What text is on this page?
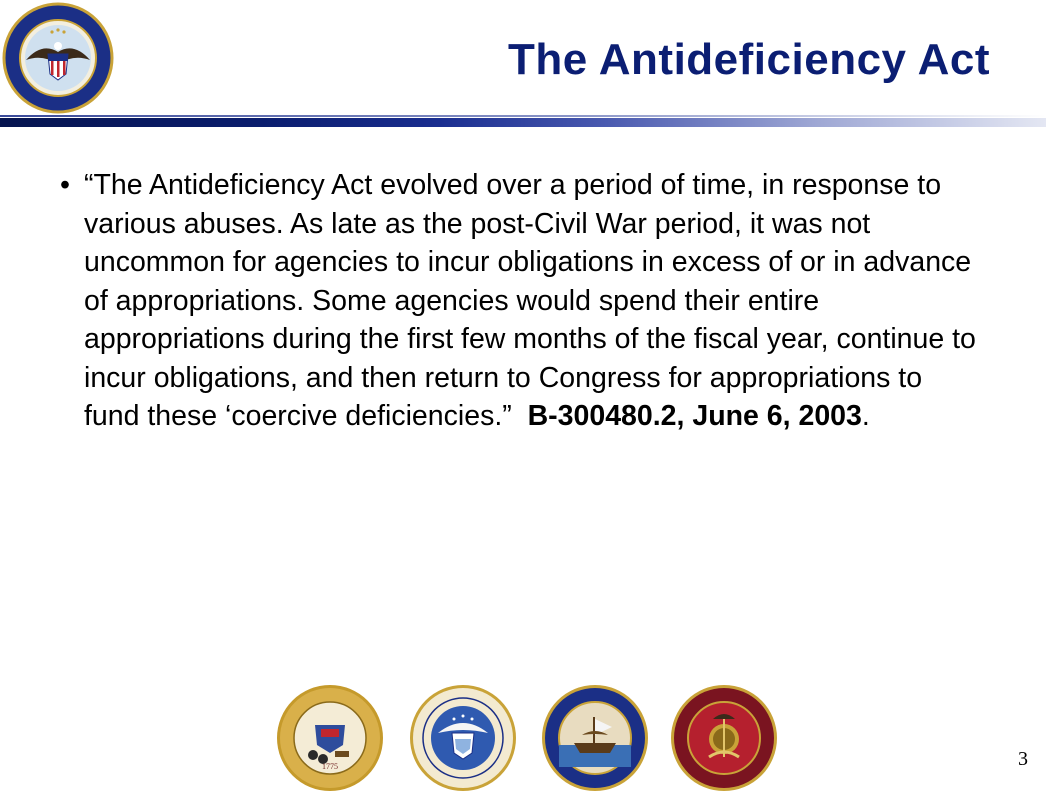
The Antideficiency Act
• “The Antideficiency Act evolved over a period of time, in response to various abuses. As late as the post-Civil War period, it was not uncommon for agencies to incur obligations in excess of or in advance of appropriations. Some agencies would spend their entire appropriations during the first few months of the fiscal year, continue to incur obligations, and then return to Congress for appropriations to fund these ‘coercive deficiencies.” B-300480.2, June 6, 2003.
1775	3
